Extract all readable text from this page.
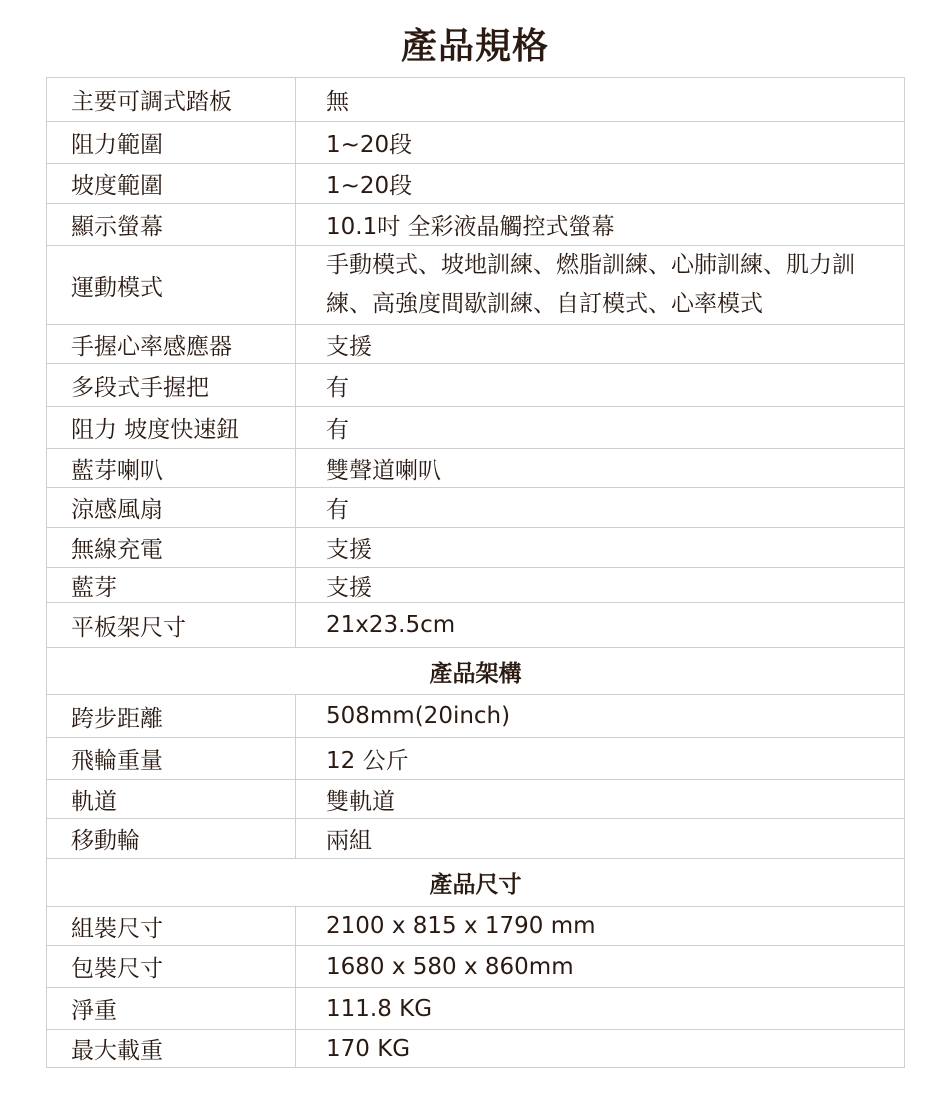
產品規格
主要可調式踏板	無
阻力範圍	1~20段
坡度範圍	1~20段
顯示螢幕	10.1吋 全彩液晶觸控式螢幕
運動模式	手動模式、坡地訓練、燃脂訓練、心肺訓練、肌力訓練、高強度間歇訓練、自訂模式、心率模式
手握心率感應器	支援
多段式手握把	有
阻力 坡度快速鈕	有
藍芽喇叭	雙聲道喇叭
涼感風扇	有
無線充電	支援
藍芽	支援
平板架尺寸	21x23.5cm
產品架構	
跨步距離	508mm(20inch)
飛輪重量	12 公斤
軌道	雙軌道
移動輪	兩組
產品尺寸	
組裝尺寸	2100 x 815 x 1790 mm
包裝尺寸	1680 x 580 x 860mm
淨重	111.8 KG
最大載重	170 KG
